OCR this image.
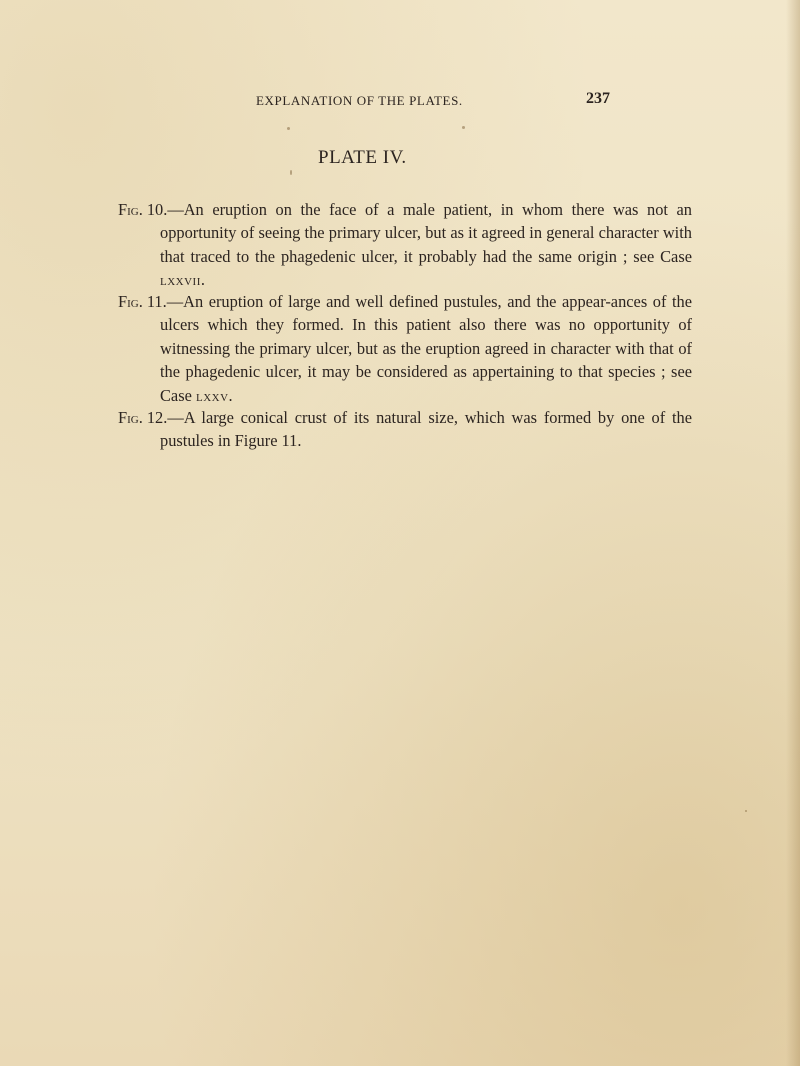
EXPLANATION OF THE PLATES.	237
PLATE IV.
Fig. 10.—An eruption on the face of a male patient, in whom there was not an opportunity of seeing the primary ulcer, but as it agreed in general character with that traced to the phagedenic ulcer, it probably had the same origin ; see Case lxxvii.
Fig. 11.—An eruption of large and well defined pustules, and the appear-ances of the ulcers which they formed. In this patient also there was no opportunity of witnessing the primary ulcer, but as the eruption agreed in character with that of the phagedenic ulcer, it may be considered as appertaining to that species ; see Case lxxv.
Fig. 12.—A large conical crust of its natural size, which was formed by one of the pustules in Figure 11.
